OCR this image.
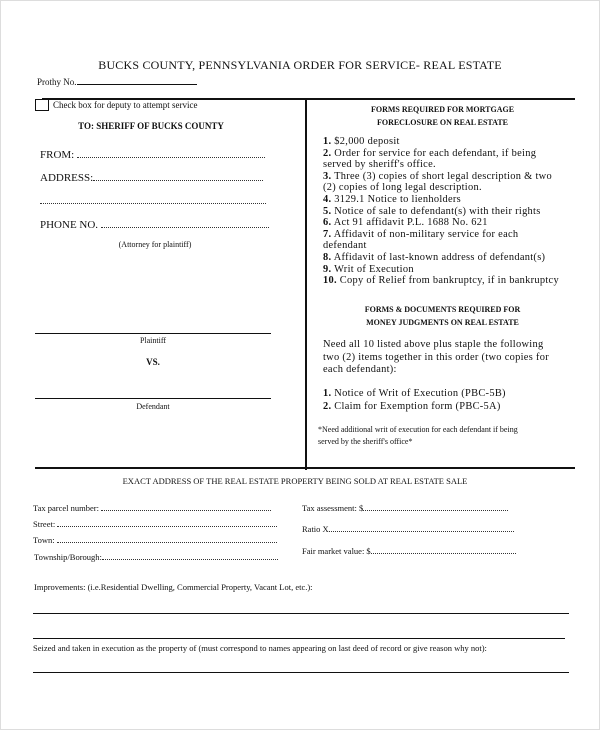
BUCKS COUNTY, PENNSYLVANIA ORDER FOR SERVICE- REAL ESTATE
Prothy No.
Check box for deputy to attempt service
TO: SHERIFF OF BUCKS COUNTY
FROM:
ADDRESS:
PHONE NO.
(Attorney for plaintiff)
Plaintiff
VS.
Defendant
FORMS REQUIRED FOR MORTGAGE
FORECLOSURE ON REAL ESTATE
1. $2,000 deposit
2. Order for service for each defendant, if being
served by sheriff's office.
3. Three (3) copies of short legal description & two
(2) copies of long legal description.
4. 3129.1 Notice to lienholders
5. Notice of sale to defendant(s) with their rights
6. Act 91 affidavit P.L. 1688 No. 621
7. Affidavit of non-military service for each
defendant
8. Affidavit of last-known address of defendant(s)
9. Writ of Execution
10. Copy of Relief from bankruptcy, if in bankruptcy
FORMS & DOCUMENTS REQUIRED FOR
MONEY JUDGMENTS ON REAL ESTATE
Need all 10 listed above plus staple the following
two (2) items together in this order (two copies for
each defendant):
1. Notice of Writ of Execution (PBC-5B)
2. Claim for Exemption form (PBC-5A)
*Need additional writ of execution for each defendant if being
served by the sheriff's office*
EXACT ADDRESS OF THE REAL ESTATE PROPERTY BEING SOLD AT REAL ESTATE SALE
Tax parcel number:
Street:
Town:
Township/Borough:
Tax assessment: $
Ratio X
Fair market value: $
Improvements: (i.e.Residential Dwelling, Commercial Property, Vacant Lot, etc.):
Seized and taken in execution as the property of (must correspond to names appearing on last deed of record or give reason why not):
